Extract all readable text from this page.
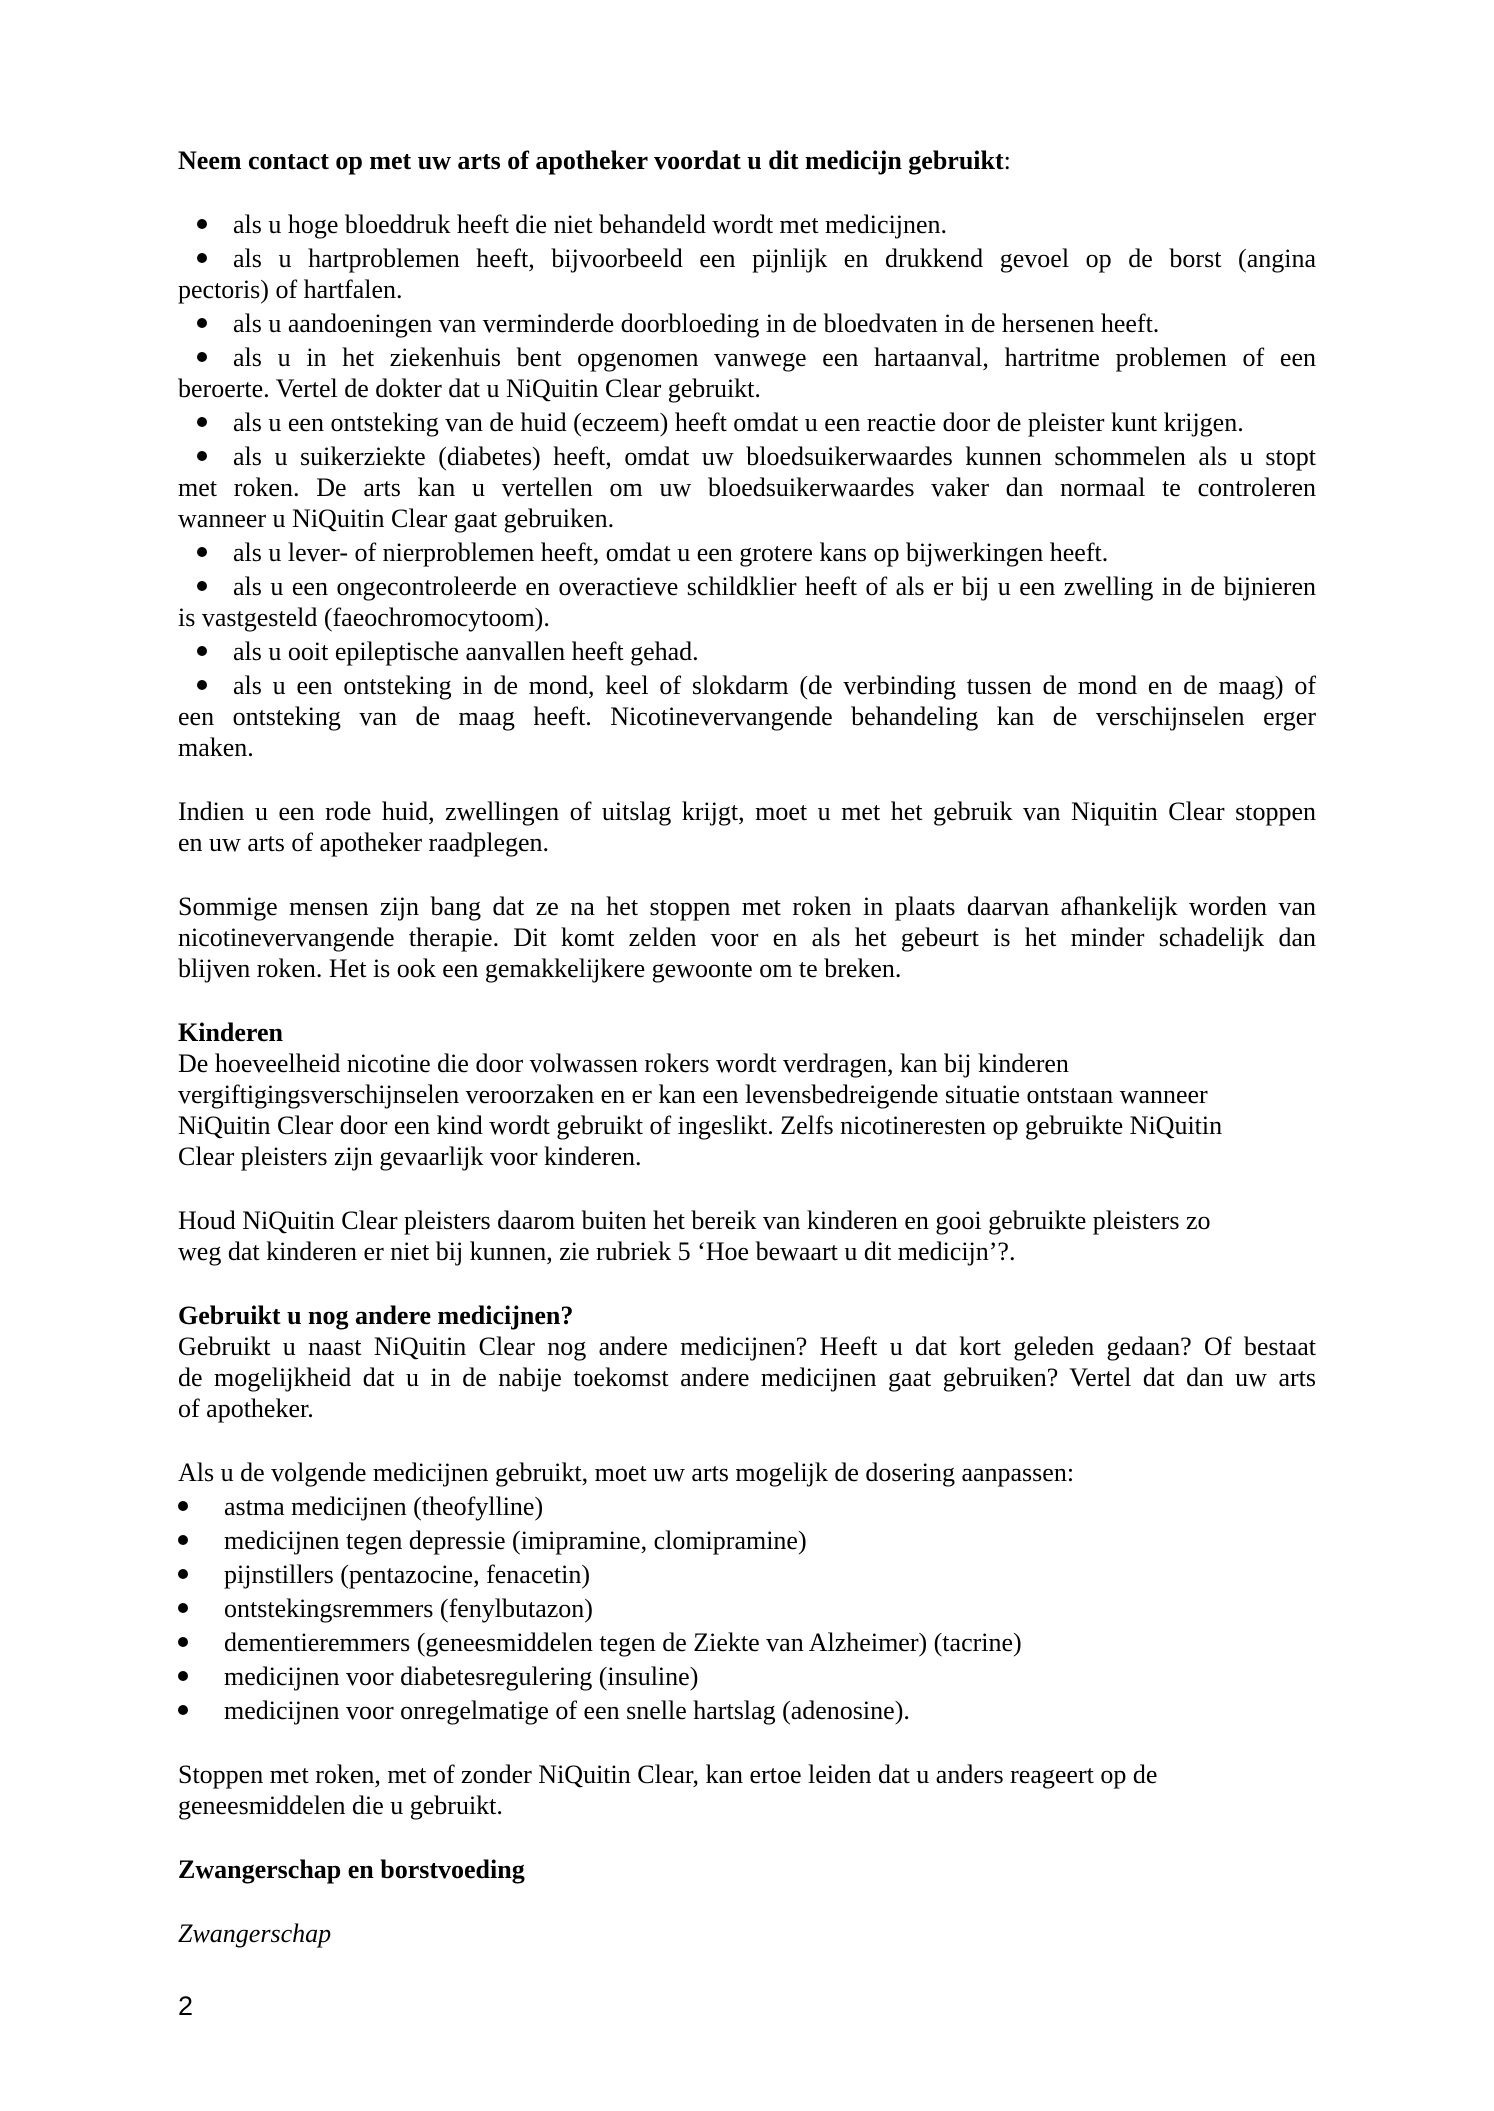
Neem contact op met uw arts of apotheker voordat u dit medicijn gebruikt:
als u hoge bloeddruk heeft die niet behandeld wordt met medicijnen.
als u hartproblemen heeft, bijvoorbeeld een pijnlijk en drukkend gevoel op de borst (angina
pectoris) of hartfalen.
als u aandoeningen van verminderde doorbloeding in de bloedvaten in de hersenen heeft.
als u in het ziekenhuis bent opgenomen vanwege een hartaanval, hartritme problemen of een
beroerte. Vertel de dokter dat u NiQuitin Clear gebruikt.
als u een ontsteking van de huid (eczeem) heeft omdat u een reactie door de pleister kunt krijgen.
als u suikerziekte (diabetes) heeft, omdat uw bloedsuikerwaardes kunnen schommelen als u stopt
met roken. De arts kan u vertellen om uw bloedsuikerwaardes vaker dan normaal te controleren
wanneer u NiQuitin Clear gaat gebruiken.
als u lever- of nierproblemen heeft, omdat u een grotere kans op bijwerkingen heeft.
als u een ongecontroleerde en overactieve schildklier heeft of als er bij u een zwelling in de bijnieren
is vastgesteld (faeochromocytoom).
als u ooit epileptische aanvallen heeft gehad.
als u een ontsteking in de mond, keel of slokdarm (de verbinding tussen de mond en de maag) of
een ontsteking van de maag heeft. Nicotinevervangende behandeling kan de verschijnselen erger
maken.
Indien u een rode huid, zwellingen of uitslag krijgt, moet u met het gebruik van Niquitin Clear stoppen
en uw arts of apotheker raadplegen.
Sommige mensen zijn bang dat ze na het stoppen met roken in plaats daarvan afhankelijk worden van
nicotinevervangende therapie. Dit komt zelden voor en als het gebeurt is het minder schadelijk dan
blijven roken. Het is ook een gemakkelijkere gewoonte om te breken.
Kinderen
De hoeveelheid nicotine die door volwassen rokers wordt verdragen, kan bij kinderen
vergiftigingsverschijnselen veroorzaken en er kan een levensbedreigende situatie ontstaan wanneer
NiQuitin Clear door een kind wordt gebruikt of ingeslikt. Zelfs nicotineresten op gebruikte NiQuitin
Clear pleisters zijn gevaarlijk voor kinderen.
Houd NiQuitin Clear pleisters daarom buiten het bereik van kinderen en gooi gebruikte pleisters zo
weg dat kinderen er niet bij kunnen, zie rubriek 5 ‘Hoe bewaart u dit medicijn’?.
Gebruikt u nog andere medicijnen?
Gebruikt u naast NiQuitin Clear nog andere medicijnen? Heeft u dat kort geleden gedaan? Of bestaat
de mogelijkheid dat u in de nabije toekomst andere medicijnen gaat gebruiken? Vertel dat dan uw arts
of apotheker.
Als u de volgende medicijnen gebruikt, moet uw arts mogelijk de dosering aanpassen:
astma medicijnen (theofylline)
medicijnen tegen depressie (imipramine, clomipramine)
pijnstillers (pentazocine, fenacetin)
ontstekingsremmers (fenylbutazon)
dementieremmers (geneesmiddelen tegen de Ziekte van Alzheimer) (tacrine)
medicijnen voor diabetesregulering (insuline)
medicijnen voor onregelmatige of een snelle hartslag (adenosine).
Stoppen met roken, met of zonder NiQuitin Clear, kan ertoe leiden dat u anders reageert op de
geneesmiddelen die u gebruikt.
Zwangerschap en borstvoeding
Zwangerschap
2
